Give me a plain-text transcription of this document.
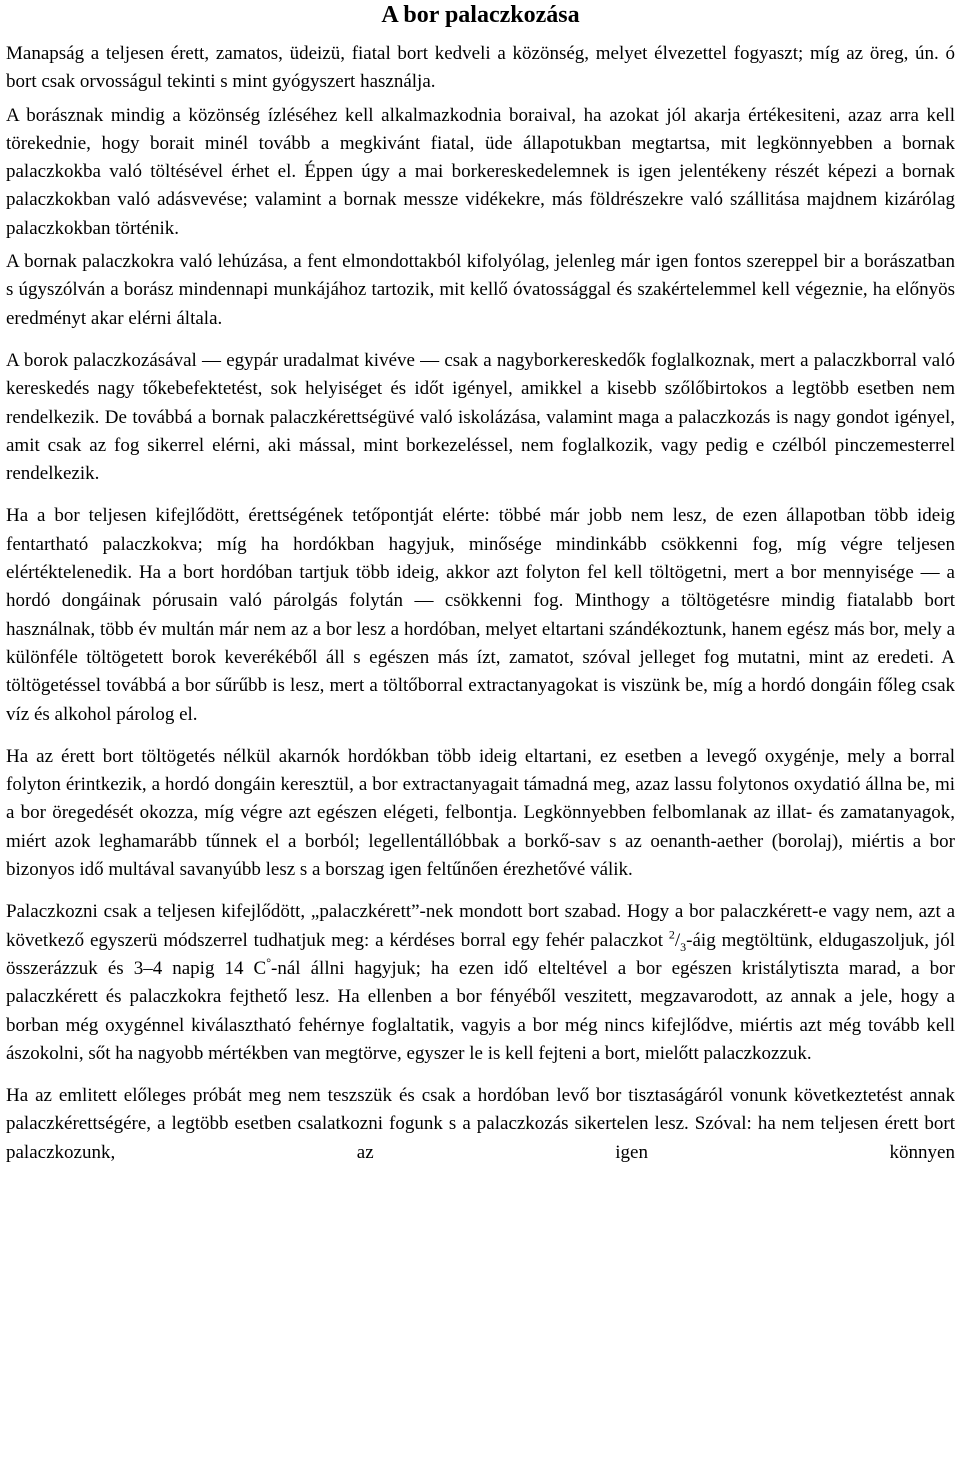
A bor palaczkozása

Manapság a teljesen érett, zamatos, üdeizü, fiatal bort kedveli a közönség, melyet élvezettel fogyaszt; míg az öreg, ún. ó bort csak orvosságul tekinti s mint gyógyszert használja.

A borásznak mindig a közönség ízléséhez kell alkalmazkodnia boraival, ha azokat jól akarja értékesiteni, azaz arra kell törekednie, hogy borait minél tovább a megkivánt fiatal, üde állapotukban megtartsa, mit legkönnyebben a bornak palaczkokba való töltésével érhet el. Éppen úgy a mai borkereskedelemnek is igen jelentékeny részét képezi a bornak palaczkokban való adásvevése; valamint a bornak messze vidékekre, más földrészekre való szállitása majdnem kizárólag palaczkokban történik.

A bornak palaczkokra való lehúzása, a fent elmondottakból kifolyólag, jelenleg már igen fontos szereppel bir a borászatban s úgyszólván a borász mindennapi munkájához tartozik, mit kellő óvatossággal és szakértelemmel kell végeznie, ha előnyös eredményt akar elérni általa.

A borok palaczkozásával — egypár uradalmat kivéve — csak a nagyborkereskedők foglalkoznak, mert a palaczkborral való kereskedés nagy tőkebefektetést, sok helyiséget és időt igényel, amikkel a kisebb szőlőbirtokos a legtöbb esetben nem rendelkezik. De továbbá a bornak palaczkérettségüvé való iskolázása, valamint maga a palaczkozás is nagy gondot igényel, amit csak az fog sikerrel elérni, aki mással, mint borkezeléssel, nem foglalkozik, vagy pedig e czélból pinczemesterrel rendelkezik.

Ha a bor teljesen kifejlődött, érettségének tetőpontját elérte: többé már jobb nem lesz, de ezen állapotban több ideig fentartható palaczkokva; míg ha hordókban hagyjuk, minősége mindinkább csökkenni fog, míg végre teljesen elértéktelenedik. Ha a bort hordóban tartjuk több ideig, akkor azt folyton fel kell töltögetni, mert a bor mennyisége — a hordó dongáinak pórusain való párolgás folytán — csökkenni fog. Minthogy a töltögetésre mindig fiatalabb bort használnak, több év multán már nem az a bor lesz a hordóban, melyet eltartani szándékoztunk, hanem egész más bor, mely a különféle töltögetett borok keverékéből áll s egészen más ízt, zamatot, szóval jelleget fog mutatni, mint az eredeti. A töltögetéssel továbbá a bor sűrűbb is lesz, mert a töltőborral extractanyagokat is viszünk be, míg a hordó dongáin főleg csak víz és alkohol párolog el.

Ha az érett bort töltögetés nélkül akarnók hordókban több ideig eltartani, ez esetben a levegő oxygénje, mely a borral folyton érintkezik, a hordó dongáin keresztül, a bor extractanyagait támadná meg, azaz lassu folytonos oxydatió állna be, mi a bor öregedését okozza, míg végre azt egészen elégeti, felbontja. Legkönnyebben felbomlanak az illat- és zamatanyagok, miért azok leghamarább tűnnek el a borból; legellentállóbbak a borkő-sav s az oenanth-aether (borolaj), miértis a bor bizonyos idő multával savanyúbb lesz s a borszag igen feltűnően érezhetővé válik.

Palaczkozni csak a teljesen kifejlődött, „palaczkérett”-nek mondott bort szabad. Hogy a bor palaczkérett-e vagy nem, azt a következő egyszerü módszerrel tudhatjuk meg: a kérdéses borral egy fehér palaczkot $^2/_3$-áig megtöltünk, eldugaszoljuk, jól összerázzuk és 3–4 napig 14 C°-nál állni hagyjuk; ha ezen idő elteltével a bor egészen kristálytiszta marad, a bor palaczkérett és palaczkokra fejthető lesz. Ha ellenben a bor fényéből veszitett, megzavarodott, az annak a jele, hogy a borban még oxygénnel kiválasztható fehérnye foglaltatik, vagyis a bor még nincs kifejlődve, miértis azt még tovább kell ászokolni, sőt ha nagyobb mértékben van megtörve, egyszer le is kell fejteni a bort, mielőtt palaczkozzuk.

Ha az emlitett előleges próbát meg nem teszszük és csak a hordóban levő bor tisztaságáról vonunk következtetést annak palaczkérettségére, a legtöbb esetben csalatkozni fogunk s a palaczkozás sikertelen lesz. Szóval: ha nem teljesen érett bort palaczkozunk, az igen könnyen
